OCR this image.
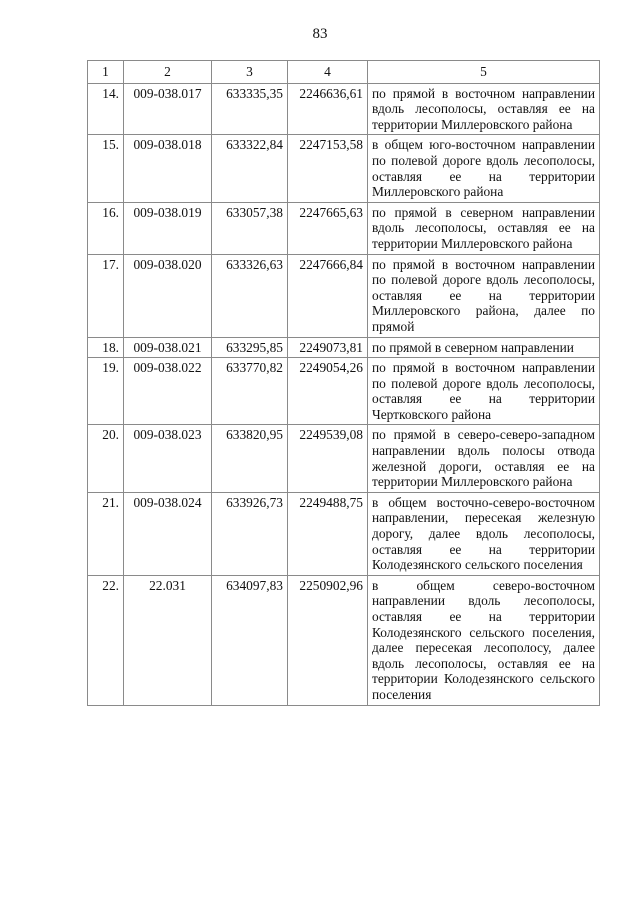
83
1	2	3	4	5
14.	009-038.017	633335,35	2246636,61	по прямой в восточном направлении вдоль лесополосы, оставляя ее на территории Миллеровского района
15.	009-038.018	633322,84	2247153,58	в общем юго-восточном направлении по полевой дороге вдоль лесополосы, оставляя ее на территории Миллеровского района
16.	009-038.019	633057,38	2247665,63	по прямой в северном направлении вдоль лесополосы, оставляя ее на территории Миллеровского района
17.	009-038.020	633326,63	2247666,84	по прямой в восточном направлении по полевой дороге вдоль лесополосы, оставляя ее на территории Миллеровского района, далее по прямой
18.	009-038.021	633295,85	2249073,81	по прямой в северном направлении
19.	009-038.022	633770,82	2249054,26	по прямой в восточном направлении по полевой дороге вдоль лесополосы, оставляя ее на территории Чертковского района
20.	009-038.023	633820,95	2249539,08	по прямой в северо-северо-западном направлении вдоль полосы отвода железной дороги, оставляя ее на территории Миллеровского района
21.	009-038.024	633926,73	2249488,75	в общем восточно-северо-восточном направлении, пересекая железную дорогу, далее вдоль лесополосы, оставляя ее на территории Колодезянского сельского поселения
22.	22.031	634097,83	2250902,96	в общем северо-восточном направлении вдоль лесополосы, оставляя ее на территории Колодезянского сельского поселения, далее пересекая лесополосу, далее вдоль лесополосы, оставляя ее на территории Колодезянского сельского поселения
